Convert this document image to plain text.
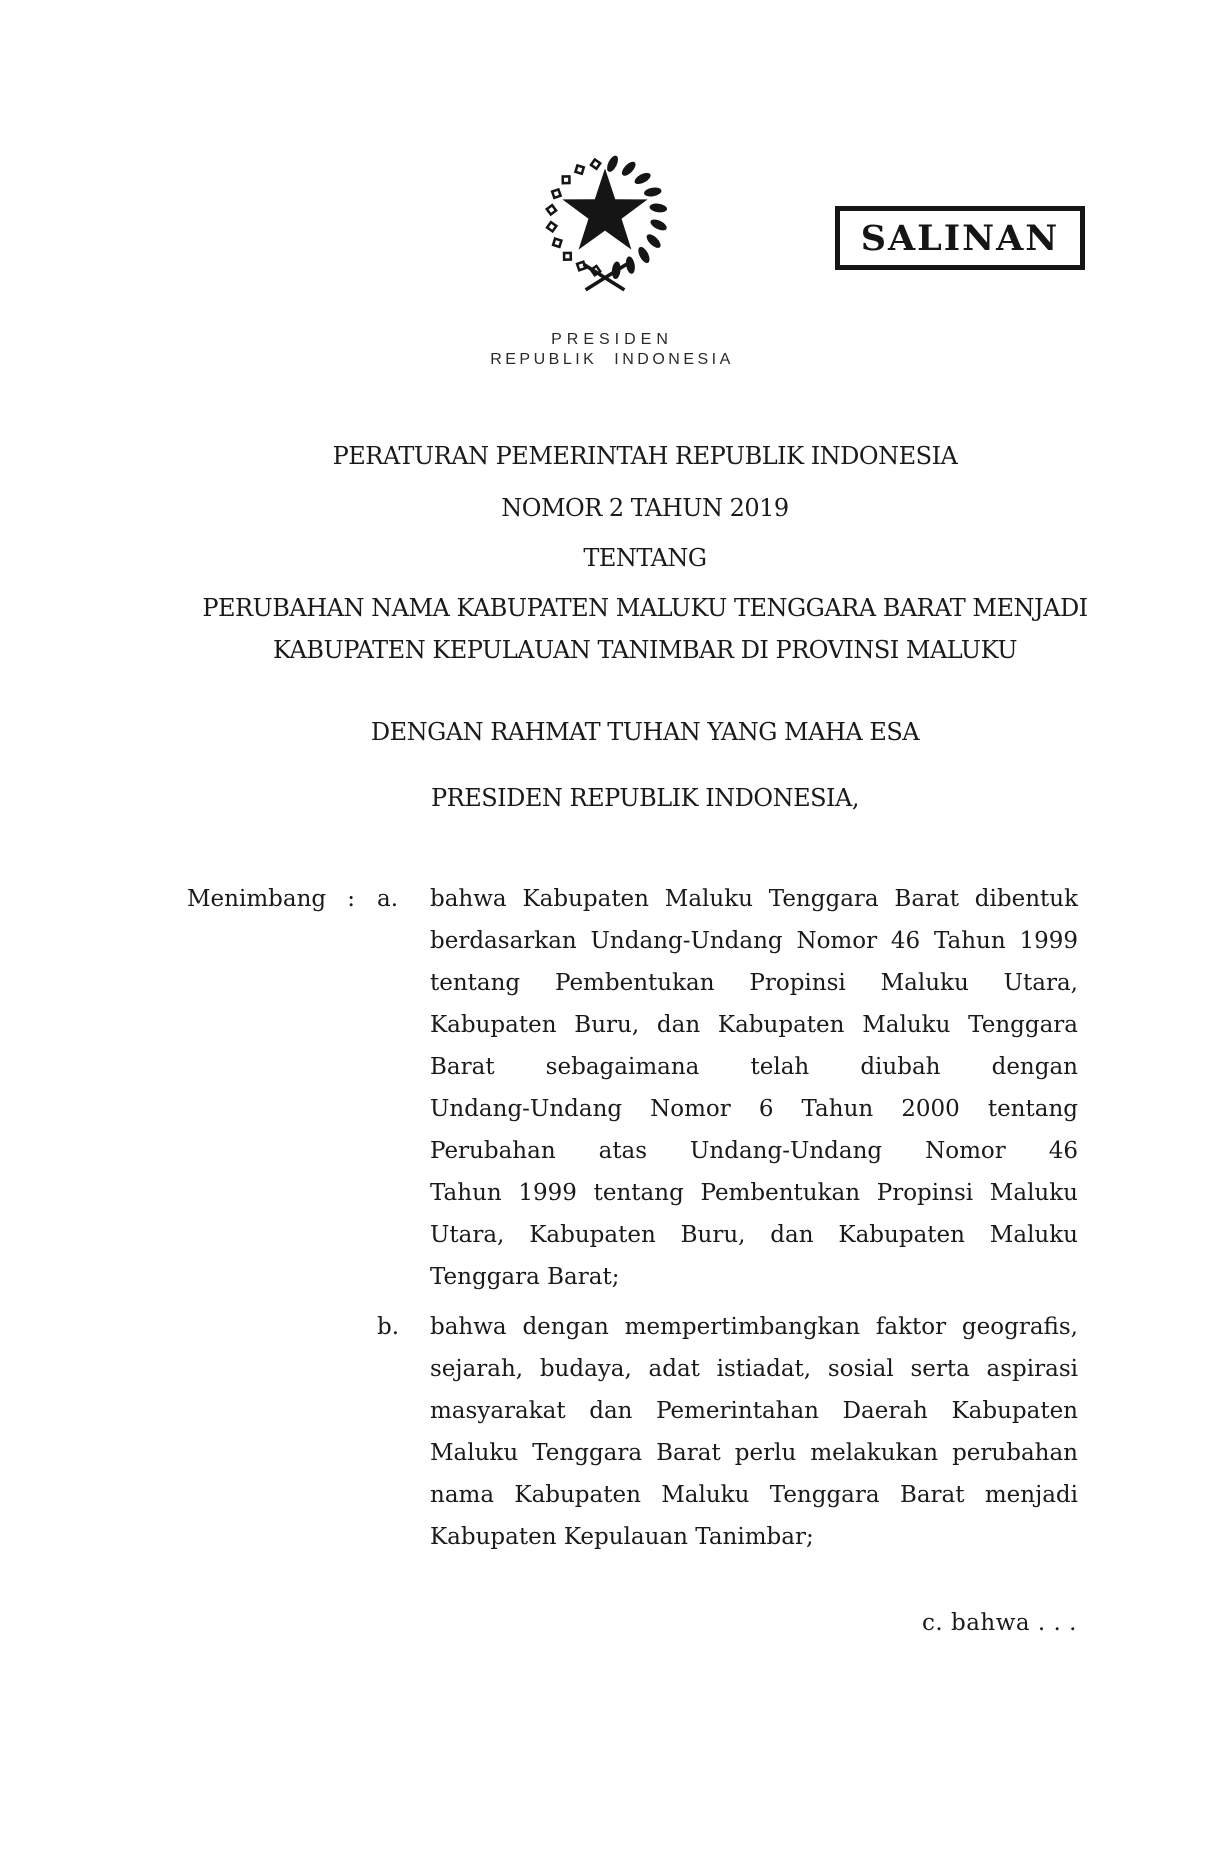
SALINAN
PRESIDEN
REPUBLIK INDONESIA
PERATURAN PEMERINTAH REPUBLIK INDONESIA
NOMOR 2 TAHUN 2019
TENTANG
PERUBAHAN NAMA KABUPATEN MALUKU TENGGARA BARAT MENJADI
KABUPATEN KEPULAUAN TANIMBAR DI PROVINSI MALUKU
DENGAN RAHMAT TUHAN YANG MAHA ESA
PRESIDEN REPUBLIK INDONESIA,
Menimbang : a.	bahwa Kabupaten Maluku Tenggara Barat dibentuk
berdasarkan Undang-Undang Nomor 46 Tahun 1999
tentang Pembentukan Propinsi Maluku Utara,
Kabupaten Buru, dan Kabupaten Maluku Tenggara
Barat sebagaimana telah diubah dengan
Undang-Undang Nomor 6 Tahun 2000 tentang
Perubahan atas Undang-Undang Nomor 46
Tahun 1999 tentang Pembentukan Propinsi Maluku
Utara, Kabupaten Buru, dan Kabupaten Maluku
Tenggara Barat;
b.	bahwa dengan mempertimbangkan faktor geografis,
sejarah, budaya, adat istiadat, sosial serta aspirasi
masyarakat dan Pemerintahan Daerah Kabupaten
Maluku Tenggara Barat perlu melakukan perubahan
nama Kabupaten Maluku Tenggara Barat menjadi
Kabupaten Kepulauan Tanimbar;
c. bahwa . . .
